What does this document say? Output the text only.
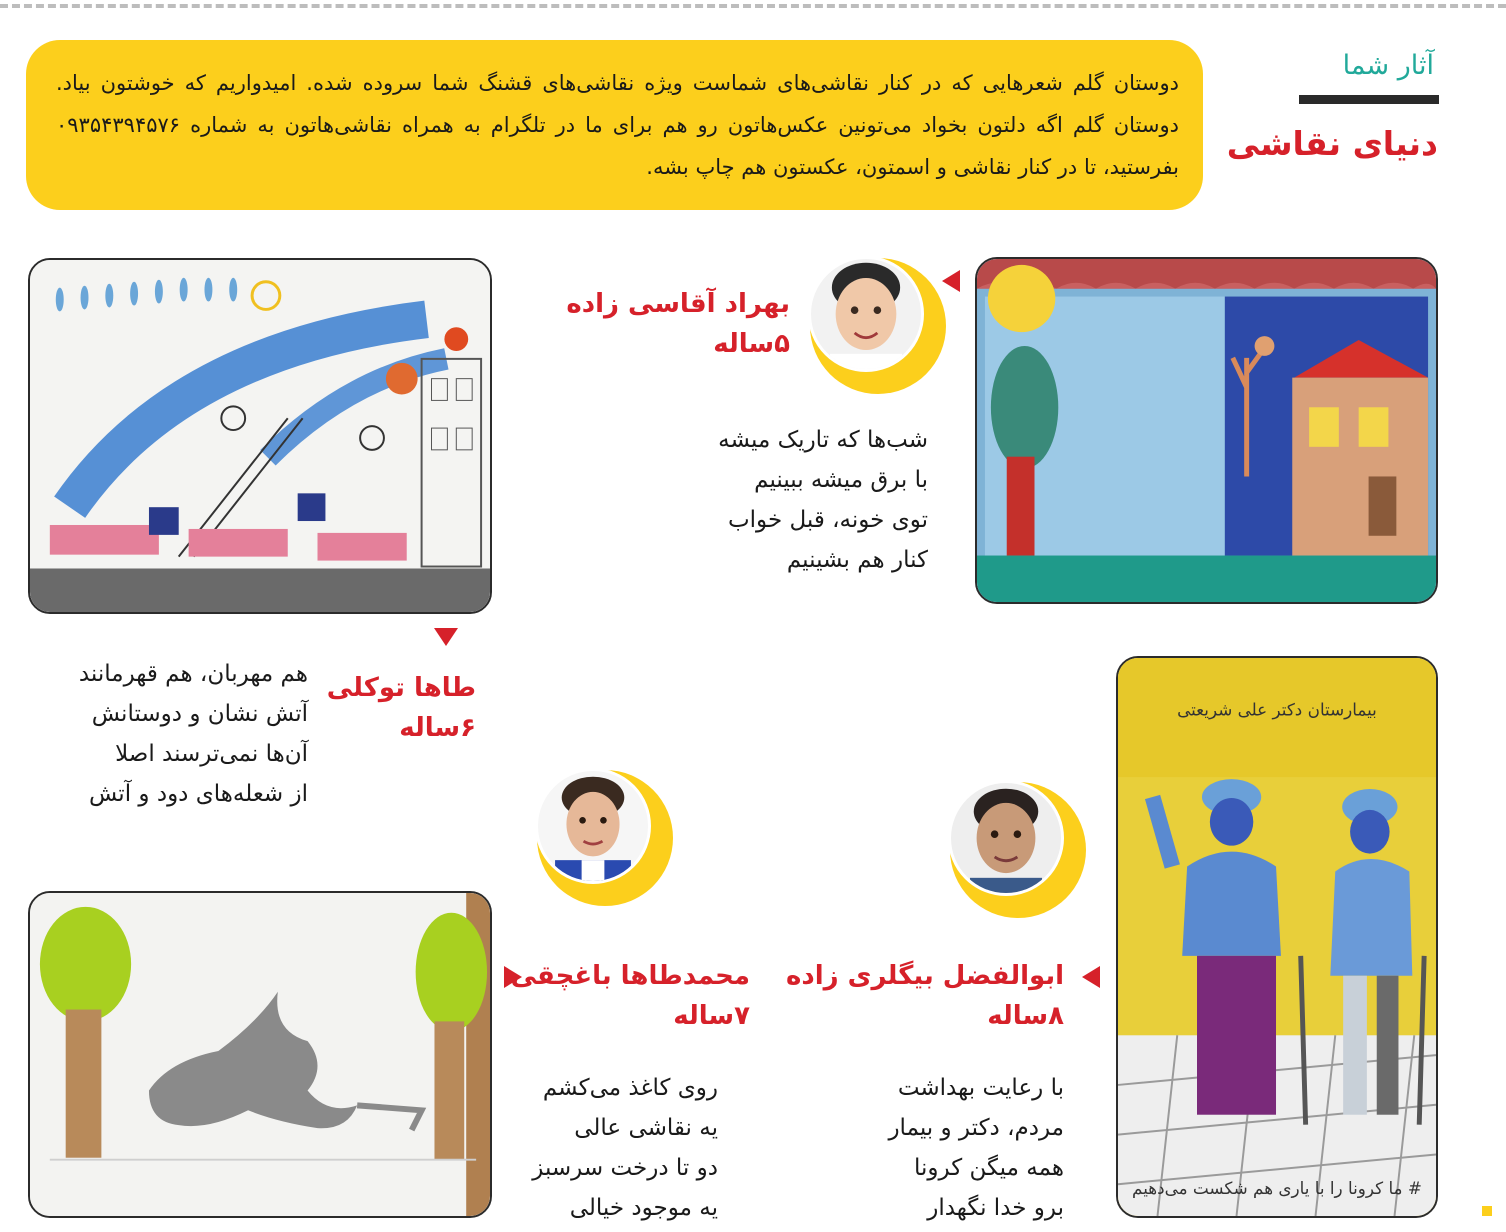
آثار شما
دنیای نقاشی

دوستان گلم شعرهایی که در کنار نقاشی‌های شماست ویژه نقاشی‌های قشنگ شما سروده شده. امیدواریم که خوشتون بیاد. دوستان گلم اگه دلتون بخواد می‌تونین عکس‌هاتون رو هم برای ما در تلگرام به همراه نقاشی‌هاتون به شماره ۰۹۳۵۴۳۹۴۵۷۶ بفرستید، تا در کنار نقاشی و اسمتون، عکستون هم چاپ بشه.

بهراد آقاسی زاده
۵ساله
شب‌ها که تاریک میشه
با برق میشه ببینیم
توی خونه، قبل خواب
کنار هم بشینیم
طاها توکلی
۶ساله
هم مهربان، هم قهرمانند
آتش نشان و دوستانش
آن‌ها نمی‌ترسند اصلا
از شعله‌های دود و آتش
بیمارستان دکتر علی شریعتی
# ما کرونا را با یاری هم شکست می‌دهیم
ابوالفضل بیگلری زاده
۸ساله
با رعایت بهداشت
مردم، دکتر و بیمار
همه میگن کرونا
برو خدا نگهدار
محمدطاها باغچقی
۷ساله
روی کاغذ می‌کشم
یه نقاشی عالی
دو تا درخت سرسبز
یه موجود خیالی
